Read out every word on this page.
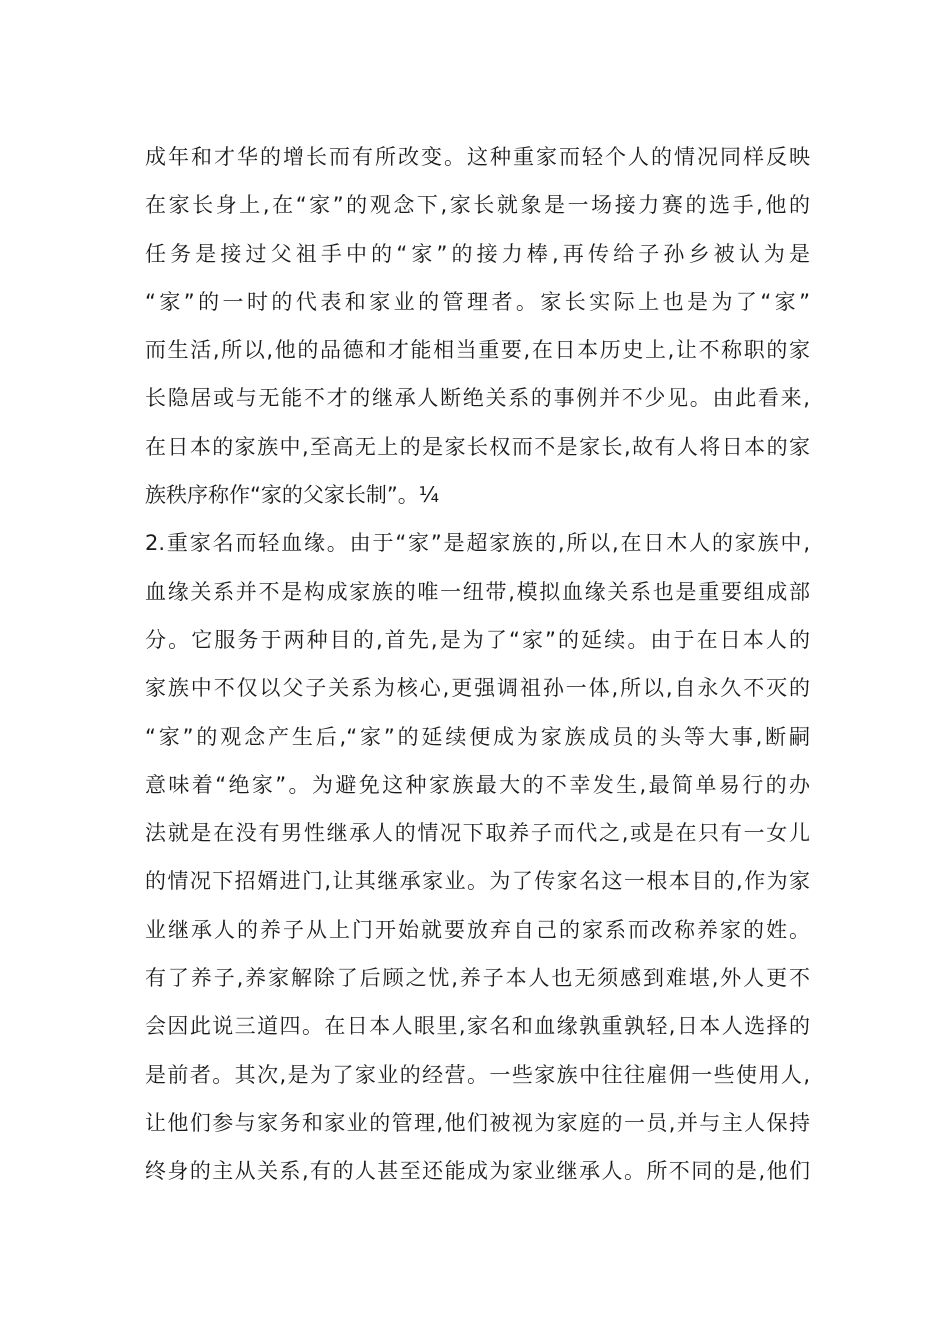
成年和才华的增长而有所改变。这种重家而轻个人的情况同样反映
在家长身上,在“家”的观念下,家长就象是一场接力赛的选手,他的
任务是接过父祖手中的“家”的接力棒,再传给子孙乡被认为是
“家”的一时的代表和家业的管理者。家长实际上也是为了“家”
而生活,所以,他的品德和才能相当重要,在日本历史上,让不称职的家
长隐居或与无能不才的继承人断绝关系的事例并不少见。由此看来,
在日本的家族中,至高无上的是家长权而不是家长,故有人将日本的家
族秩序称作“家的父家长制”。¼
2.重家名而轻血缘。由于“家”是超家族的,所以,在日木人的家族中,
血缘关系并不是构成家族的唯一纽带,模拟血缘关系也是重要组成部
分。它服务于两种目的,首先,是为了“家”的延续。由于在日本人的
家族中不仅以父子关系为核心,更强调祖孙一体,所以,自永久不灭的
“家”的观念产生后,“家”的延续便成为家族成员的头等大事,断嗣
意味着“绝家”。为避免这种家族最大的不幸发生,最简单易行的办
法就是在没有男性继承人的情况下取养子而代之,或是在只有一女儿
的情况下招婿进门,让其继承家业。为了传家名这一根本目的,作为家
业继承人的养子从上门开始就要放弃自己的家系而改称养家的姓。
有了养子,养家解除了后顾之忧,养子本人也无须感到难堪,外人更不
会因此说三道四。在日本人眼里,家名和血缘孰重孰轻,日本人选择的
是前者。其次,是为了家业的经营。一些家族中往往雇佣一些使用人,
让他们参与家务和家业的管理,他们被视为家庭的一员,并与主人保持
终身的主从关系,有的人甚至还能成为家业继承人。所不同的是,他们
